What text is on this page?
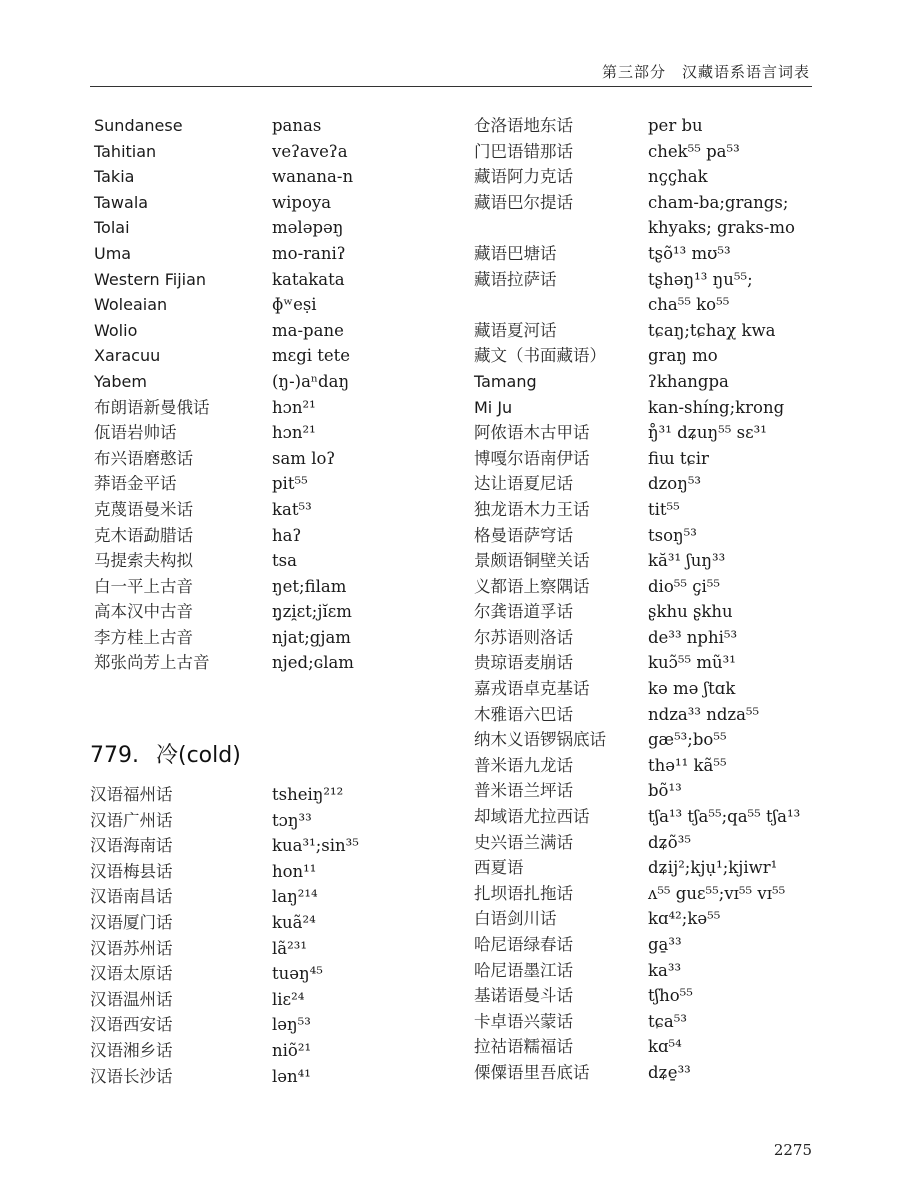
第三部分　汉藏语系语言词表
Sundanese	panas
Tahitian	veʔaveʔa
Takia	wanana-n
Tawala	wipoya
Tolai	mələpəŋ
Uma	mo-raniʔ
Western Fijian	katakata
Woleaian	ɸʷeṣi
Wolio	ma-pane
Xaracuu	mɛgi tete
Yabem	(ŋ-)aⁿdaŋ
布朗语新曼俄话	hɔn²¹
佤语岩帅话	hɔn²¹
布兴语磨憨话	sam loʔ
莽语金平话	pit⁵⁵
克蔑语曼米话	kat⁵³
克木语勐腊话	haʔ
马提索夫构拟	tsa
白一平上古音	ŋet;filam
高本汉中古音	ŋ̣zi̯ɛt;jĭɛm
李方桂上古音	njat;gjam
郑张尚芳上古音	njed;ɢlam
779. 冷(cold)
汉语福州话	tsheiŋ²¹²
汉语广州话	tɔŋ³³
汉语海南话	kua³¹;sin³⁵
汉语梅县话	hon¹¹
汉语南昌话	laŋ²¹⁴
汉语厦门话	kuã²⁴
汉语苏州话	lã²³¹
汉语太原话	tuəŋ⁴⁵
汉语温州话	liɛ²⁴
汉语西安话	ləŋ⁵³
汉语湘乡话	niõ²¹
汉语长沙话	lən⁴¹
仓洛语地东话	per bu
门巴语错那话	chek⁵⁵ pa⁵³
藏语阿力克话	nc̡c̡hak
藏语巴尔提话	cham-ba;grangs;
khyaks; graks-mo
藏语巴塘话	tʂõ¹³ mʊ⁵³
藏语拉萨话	tʂhəŋ¹³ ŋu⁵⁵;
cha⁵⁵ ko⁵⁵
藏语夏河话	tɕaŋ;tɕhaχ kwa
藏文（书面藏语）	graŋ mo
Tamang	ʔkhangpa
Mi Ju	kan-shíng;krong
阿侬语木古甲话	ŋ̊³¹ dʑuŋ⁵⁵ sɛ³¹
博嘎尔语南伊话	fiɯ tɕir
达让语夏尼话	dzoŋ⁵³
独龙语木力王话	tit⁵⁵
格曼语萨穹话	tsoŋ⁵³
景颇语铜壁关话	kă³¹ ʃuŋ³³
义都语上察隅话	dio⁵⁵ c̡i⁵⁵
尔龚语道孚话	ʂkhu ʂkhu
尔苏语则洛话	de³³ nphi⁵³
贵琼语麦崩话	kuɔ̃⁵⁵ mũ³¹
嘉戎语卓克基话	kə mə ʃtɑk
木雅语六巴话	ndza³³ ndza⁵⁵
纳木义语锣锅底话	gæ⁵³;bo⁵⁵
普米语九龙话	thə¹¹ kã⁵⁵
普米语兰坪话	bõ¹³
却域语尤拉西话	tʃa¹³ tʃa⁵⁵;qa⁵⁵ tʃa¹³
史兴语兰满话	dʑõ³⁵
西夏语	dʑij²;kjụ¹;kjiwr¹
扎坝语扎拖话	ʌ⁵⁵ guɛ⁵⁵;vɪ⁵⁵ vɪ⁵⁵
白语剑川话	kɑ⁴²;kə⁵⁵
哈尼语绿春话	ga̱³³
哈尼语墨江话	ka³³
基诺语曼斗话	tʃho⁵⁵
卡卓语兴蒙话	tɕa⁵³
拉祜语糯福话	kɑ⁵⁴
傈僳语里吾底话	dʑe̱³³
2275
